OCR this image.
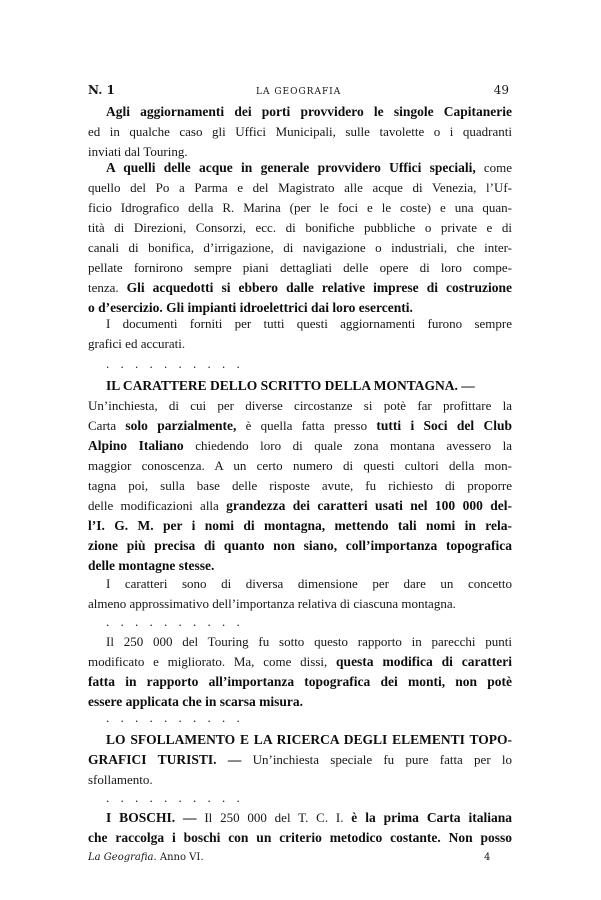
N. 1	LA GEOGRAFIA	49
Agli aggiornamenti dei porti provvidero le singole Capitanerie
ed in qualche caso gli Uffici Municipali, sulle tavolette o i quadranti
inviati dal Touring.
A quelli delle acque in generale provvidero Uffici speciali, come
quello del Po a Parma e del Magistrato alle acque di Venezia, l’Uf-
ficio Idrografico della R. Marina (per le foci e le coste) e una quan-
tità di Direzioni, Consorzi, ecc. di bonifiche pubbliche o private e di
canali di bonifica, d’irrigazione, di navigazione o industriali, che inter-
pellate fornirono sempre piani dettagliati delle opere di loro compe-
tenza. Gli acquedotti si ebbero dalle relative imprese di costruzione
o d’esercizio. Gli impianti idroelettrici dai loro esercenti.
I documenti forniti per tutti questi aggiornamenti furono sempre
grafici ed accurati.
. . . . . . . . . .
IL CARATTERE DELLO SCRITTO DELLA MONTAGNA. —
Un’inchiesta, di cui per diverse circostanze si potè far profittare la
Carta solo parzialmente, è quella fatta presso tutti i Soci del Club
Alpino Italiano chiedendo loro di quale zona montana avessero la
maggior conoscenza. A un certo numero di questi cultori della mon-
tagna poi, sulla base delle risposte avute, fu richiesto di proporre
delle modificazioni alla grandezza dei caratteri usati nel 100 000 del-
l’I. G. M. per i nomi di montagna, mettendo tali nomi in rela-
zione più precisa di quanto non siano, coll’importanza topografica
delle montagne stesse.
I caratteri sono di diversa dimensione per dare un concetto
almeno approssimativo dell’importanza relativa di ciascuna montagna.
. . . . . . . . . .
Il 250 000 del Touring fu sotto questo rapporto in parecchi punti
modificato e migliorato. Ma, come dissi, questa modifica di caratteri
fatta in rapporto all’importanza topografica dei monti, non potè
essere applicata che in scarsa misura.
. . . . . . . . . .
LO SFOLLAMENTO E LA RICERCA DEGLI ELEMENTI TOPO-
GRAFICI TURISTI. — Un’inchiesta speciale fu pure fatta per lo
sfollamento.
. . . . . . . . . .
I BOSCHI. — Il 250 000 del T. C. I. è la prima Carta italiana
che raccolga i boschi con un criterio metodico costante. Non posso
La Geografia. Anno VI.	4
